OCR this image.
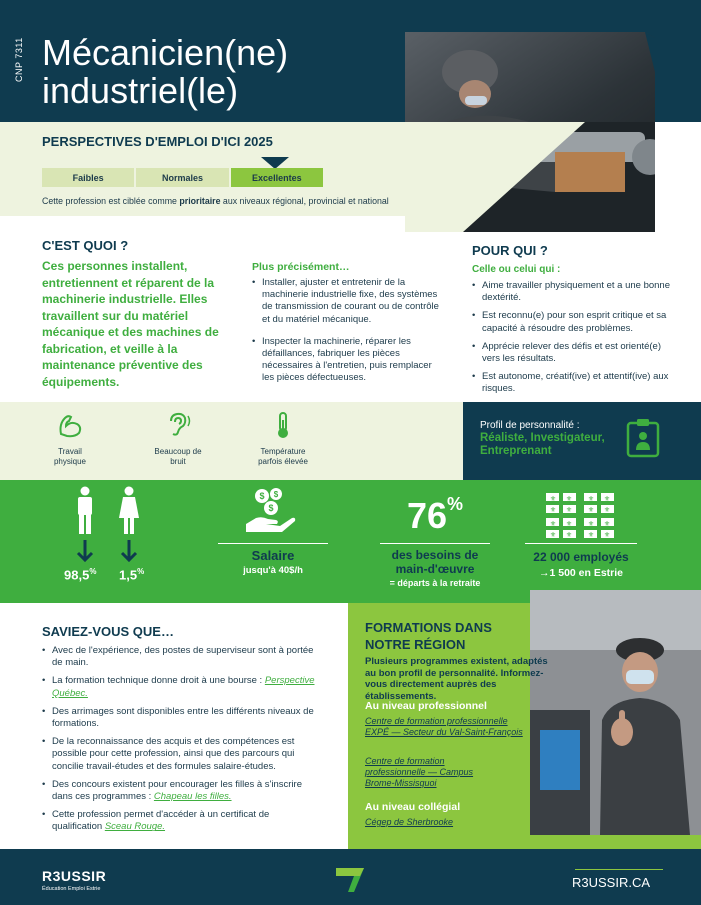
CNP 7311 Mécanicien(ne)
industriel(le)
PERSPECTIVES D'EMPLOI D'ICI 2025
Faibles	Normales	Excellentes
Cette profession est ciblée comme prioritaire aux niveaux régional, provincial et national
C'EST QUOI ?
Ces personnes installent, entretiennent et réparent de la machinerie industrielle. Elles travaillent sur du matériel mécanique et des machines de fabrication, et veille à la maintenance préventive des équipements.
Plus précisément…
• Installer, ajuster et entretenir de la machinerie industrielle fixe, des systèmes de transmission de courant ou de contrôle et du matériel mécanique.
• Inspecter la machinerie, réparer les défaillances, fabriquer les pièces nécessaires à l'entretien, puis remplacer les pièces défectueuses.
POUR QUI ?
Celle ou celui qui :
• Aime travailler physiquement et a une bonne dextérité.
• Est reconnu(e) pour son esprit critique et sa capacité à résoudre des problèmes.
• Apprécie relever des défis et est orienté(e) vers les résultats.
• Est autonome, créatif(ive) et attentif(ive) aux risques.
Travail physique
Beaucoup de bruit
Température parfois élevée
Profil de personnalité :
Réaliste, Investigateur, Entreprenant
98,5% 1,5%
$ $
$
Salaire
jusqu'à 40$/h
76%
des besoins de main-d'œuvre
= départs à la retraite
⚜ ⚜
⚜ ⚜
⚜ ⚜
⚜ ⚜
⚜ ⚜
⚜ ⚜
⚜ ⚜
⚜ ⚜
22 000 employés
→1 500 en Estrie
SAVIEZ-VOUS QUE…
• Avec de l'expérience, des postes de superviseur sont à portée de main.
• La formation technique donne droit à une bourse : Perspective Québec.
• Des arrimages sont disponibles entre les différents niveaux de formations.
• De la reconnaissance des acquis et des compétences est possible pour cette profession, ainsi que des parcours qui concilie travail-études et des formules salaire-études.
• Des concours existent pour encourager les filles à s'inscrire dans ces programmes : Chapeau les filles.
• Cette profession permet d'accéder à un certificat de qualification Sceau Rouge.
FORMATIONS DANS
NOTRE RÉGION
Plusieurs programmes existent, adaptés au bon profil de personnalité. Informez-vous directement auprès des établissements.
Au niveau professionnel
Centre de formation professionnelle EXPÉ — Secteur du Val-Saint-François
Centre de formation professionnelle — Campus Brome-Missisquoi
Au niveau collégial
Cégep de Sherbrooke
R3USSIR
Éducation Emploi Estrie	R3USSIR.CA
